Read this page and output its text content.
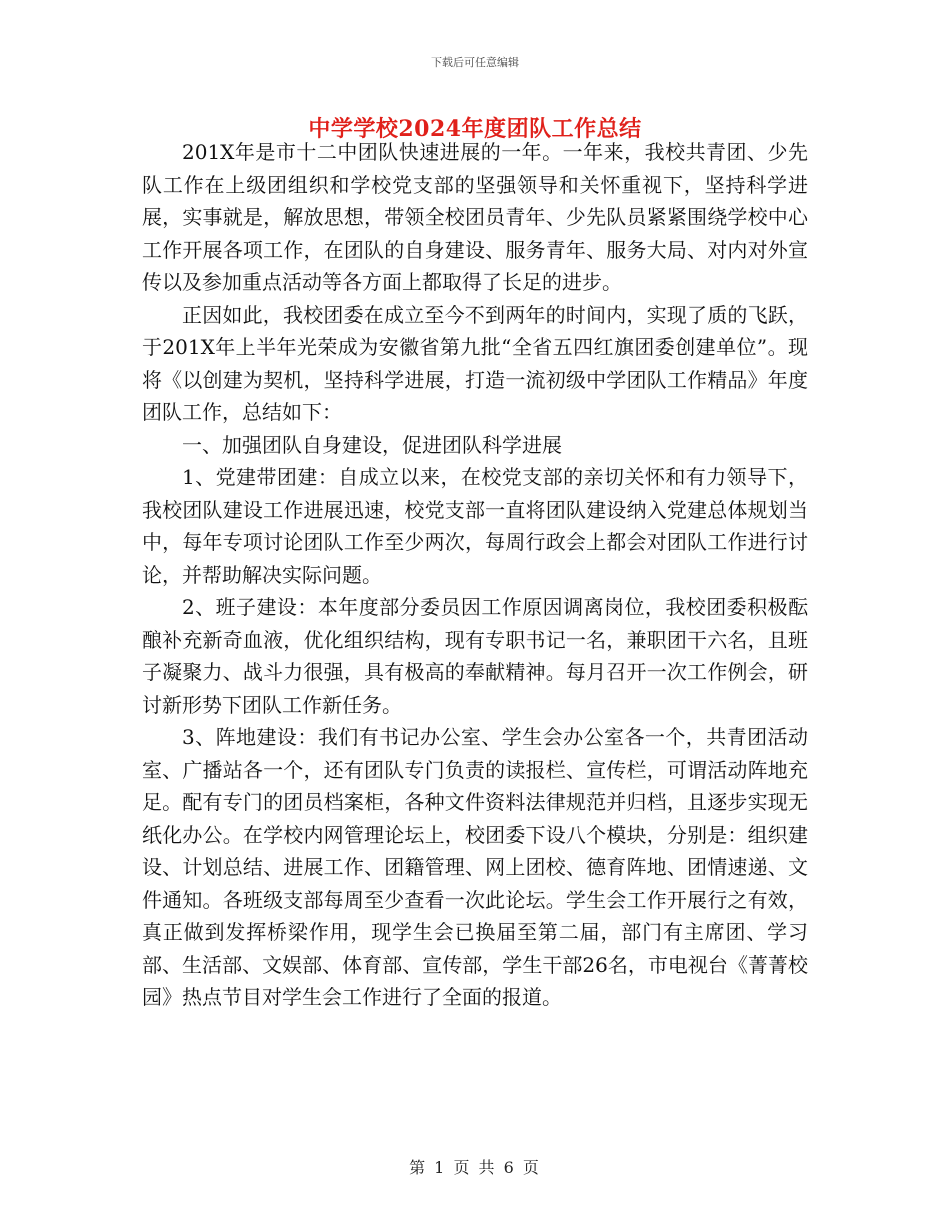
下载后可任意编辑
中学学校2024年度团队工作总结

201X年是市十二中团队快速进展的一年。一年来，我校共青团、少先队工作在上级团组织和学校党支部的坚强领导和关怀重视下，坚持科学进展，实事就是，解放思想，带领全校团员青年、少先队员紧紧围绕学校中心工作开展各项工作，在团队的自身建设、服务青年、服务大局、对内对外宣传以及参加重点活动等各方面上都取得了长足的进步。

正因如此，我校团委在成立至今不到两年的时间内，实现了质的飞跃，于201X年上半年光荣成为安徽省第九批“全省五四红旗团委创建单位”。现将《以创建为契机，坚持科学进展，打造一流初级中学团队工作精品》年度团队工作，总结如下：

一、加强团队自身建设，促进团队科学进展

1、党建带团建：自成立以来，在校党支部的亲切关怀和有力领导下，我校团队建设工作进展迅速，校党支部一直将团队建设纳入党建总体规划当中，每年专项讨论团队工作至少两次，每周行政会上都会对团队工作进行讨论，并帮助解决实际问题。

2、班子建设：本年度部分委员因工作原因调离岗位，我校团委积极酝酿补充新奇血液，优化组织结构，现有专职书记一名，兼职团干六名，且班子凝聚力、战斗力很强，具有极高的奉献精神。每月召开一次工作例会，研讨新形势下团队工作新任务。

3、阵地建设：我们有书记办公室、学生会办公室各一个，共青团活动室、广播站各一个，还有团队专门负责的读报栏、宣传栏，可谓活动阵地充足。配有专门的团员档案柜，各种文件资料法律规范并归档，且逐步实现无纸化办公。在学校内网管理论坛上，校团委下设八个模块，分别是：组织建设、计划总结、进展工作、团籍管理、网上团校、德育阵地、团情速递、文件通知。各班级支部每周至少查看一次此论坛。学生会工作开展行之有效，真正做到发挥桥梁作用，现学生会已换届至第二届，部门有主席团、学习部、生活部、文娱部、体育部、宣传部，学生干部26名，市电视台《菁菁校园》热点节目对学生会工作进行了全面的报道。

第 1 页 共 6 页
